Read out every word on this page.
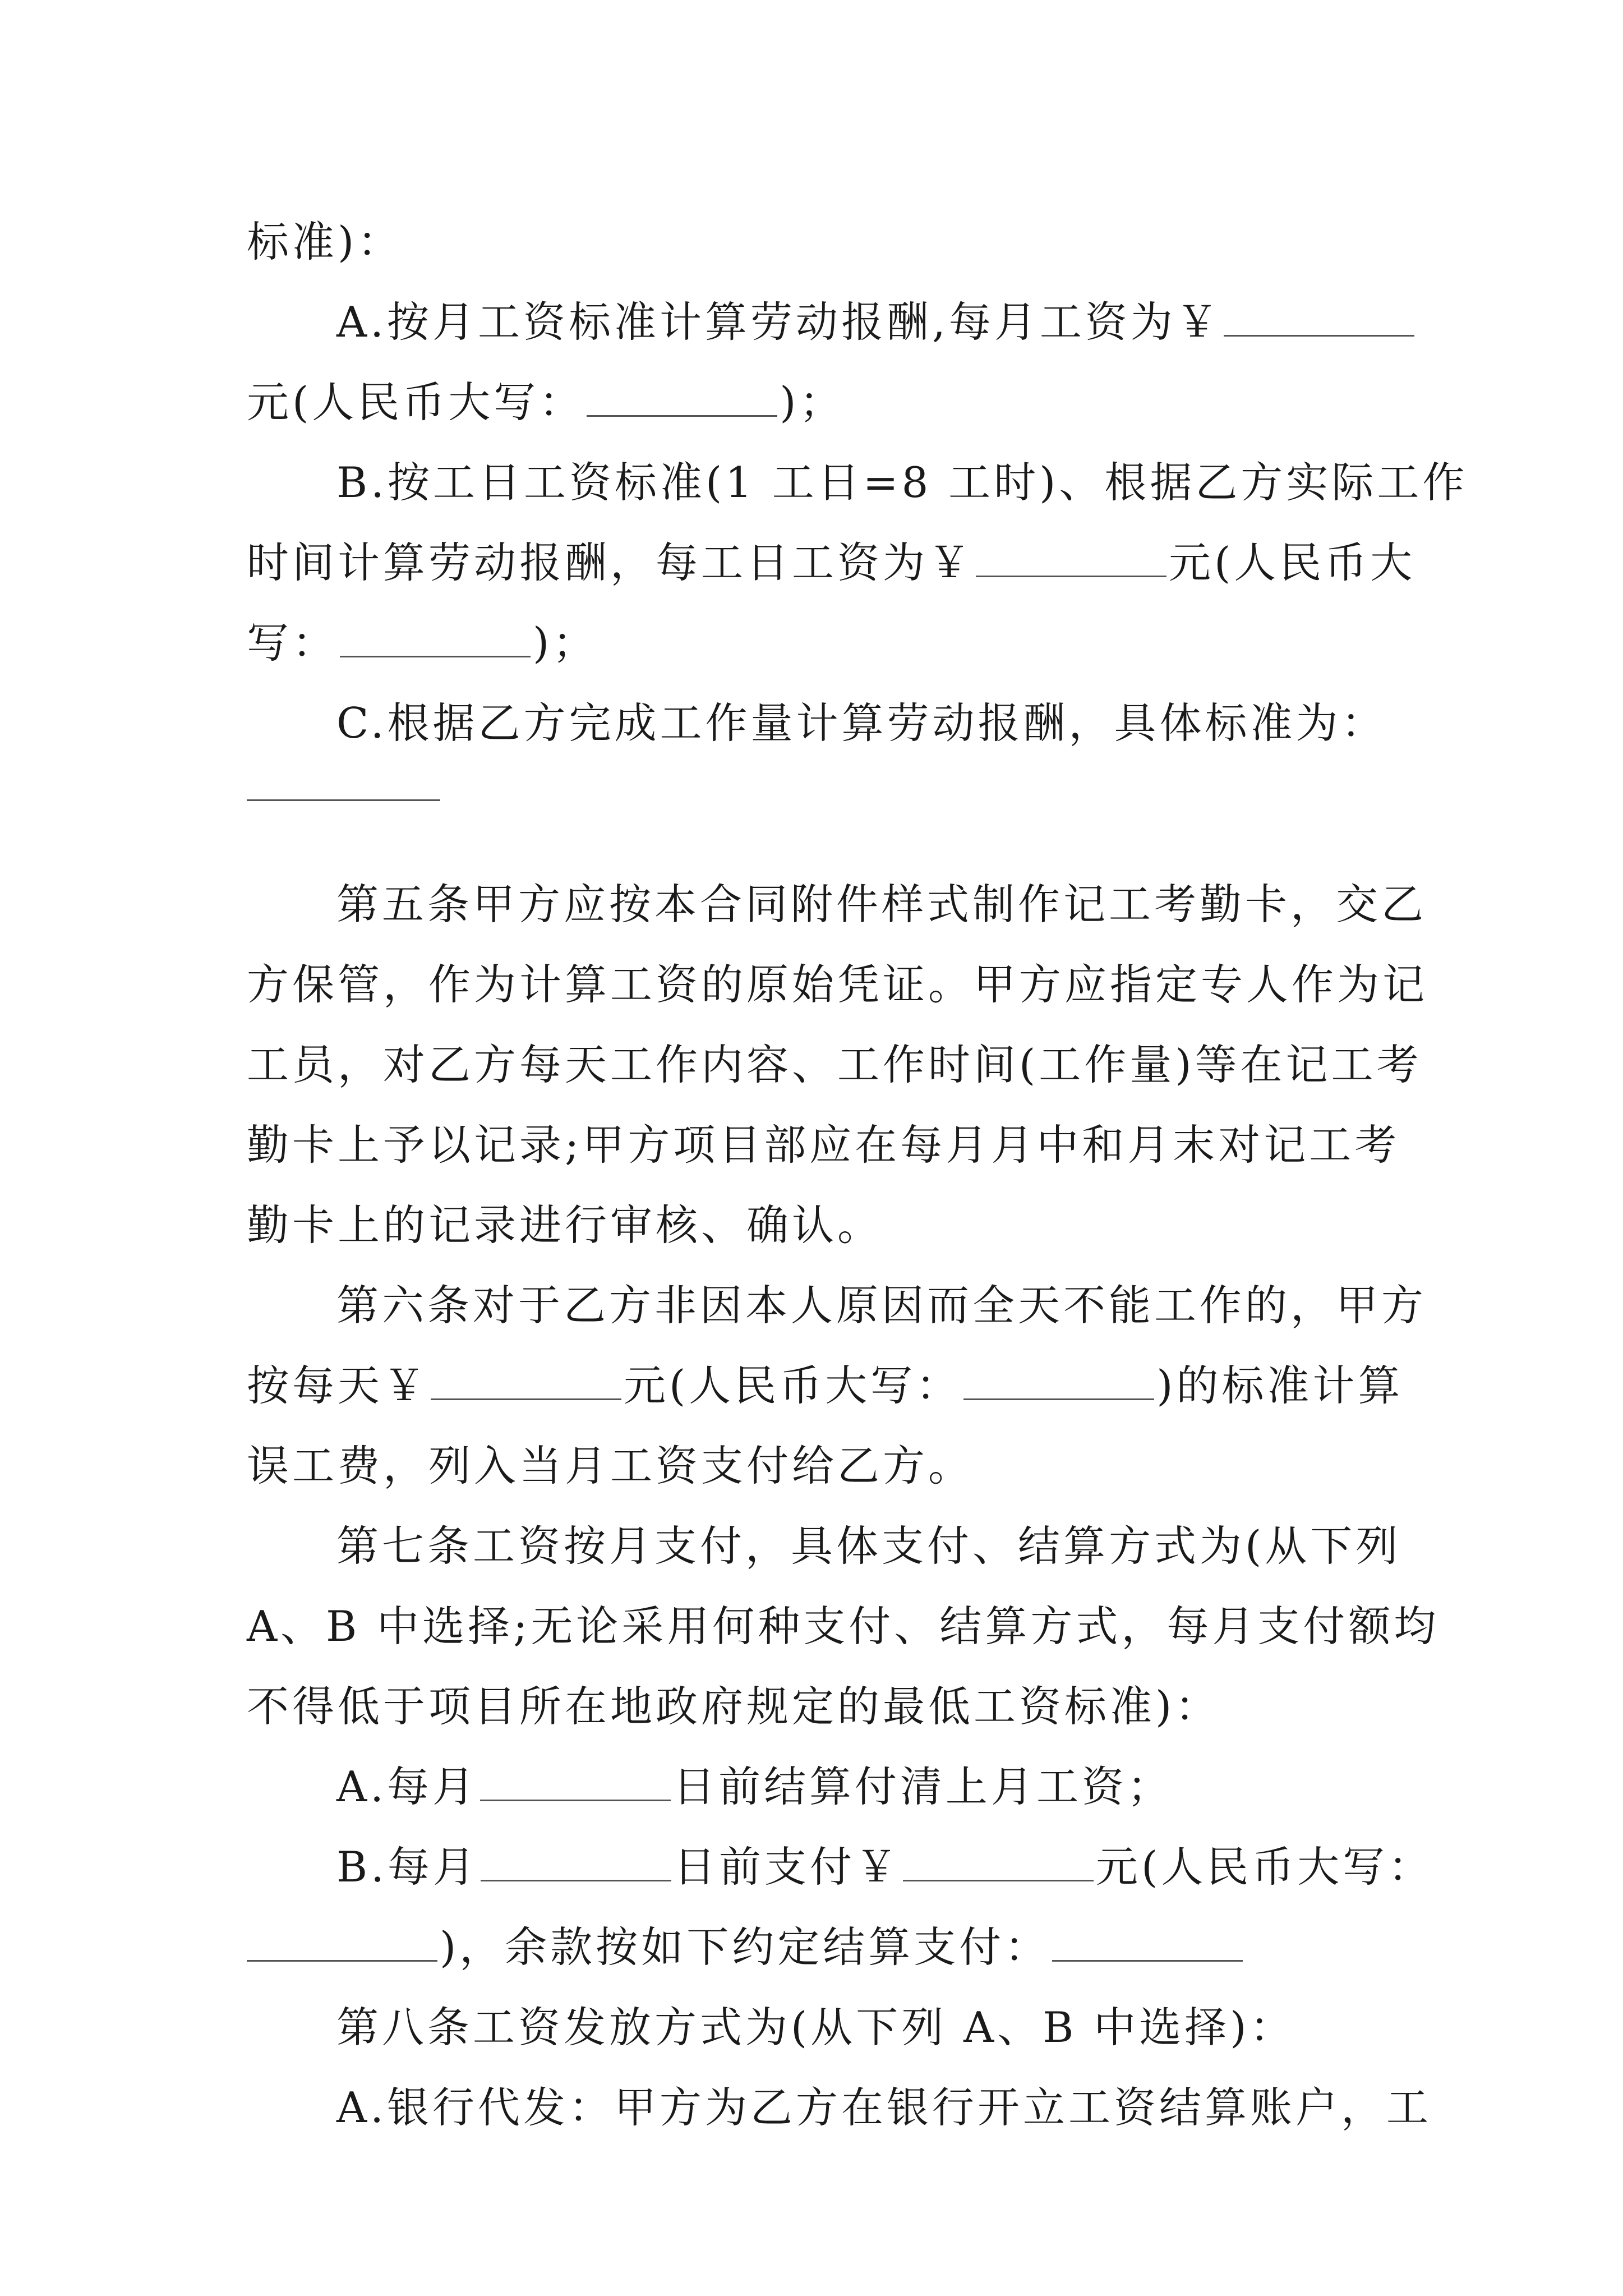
标准)：
A.按月工资标准计算劳动报酬,每月工资为￥
元(人民币大写：	)；
B.按工日工资标准(1 工日=8 工时)、根据乙方实际工作
时间计算劳动报酬，每工日工资为￥	元(人民币大
写：	)；
C.根据乙方完成工作量计算劳动报酬，具体标准为：
第五条甲方应按本合同附件样式制作记工考勤卡，交乙
方保管，作为计算工资的原始凭证。甲方应指定专人作为记
工员，对乙方每天工作内容、工作时间(工作量)等在记工考
勤卡上予以记录;甲方项目部应在每月月中和月末对记工考
勤卡上的记录进行审核、确认。
第六条对于乙方非因本人原因而全天不能工作的，甲方
按每天￥	元(人民币大写：	)的标准计算
误工费，列入当月工资支付给乙方。
第七条工资按月支付，具体支付、结算方式为(从下列
A、B 中选择;无论采用何种支付、结算方式，每月支付额均
不得低于项目所在地政府规定的最低工资标准)：
A.每月	日前结算付清上月工资；
B.每月	日前支付￥	元(人民币大写：
)，余款按如下约定结算支付：
第八条工资发放方式为(从下列 A、B 中选择)：
A.银行代发：甲方为乙方在银行开立工资结算账户，工
